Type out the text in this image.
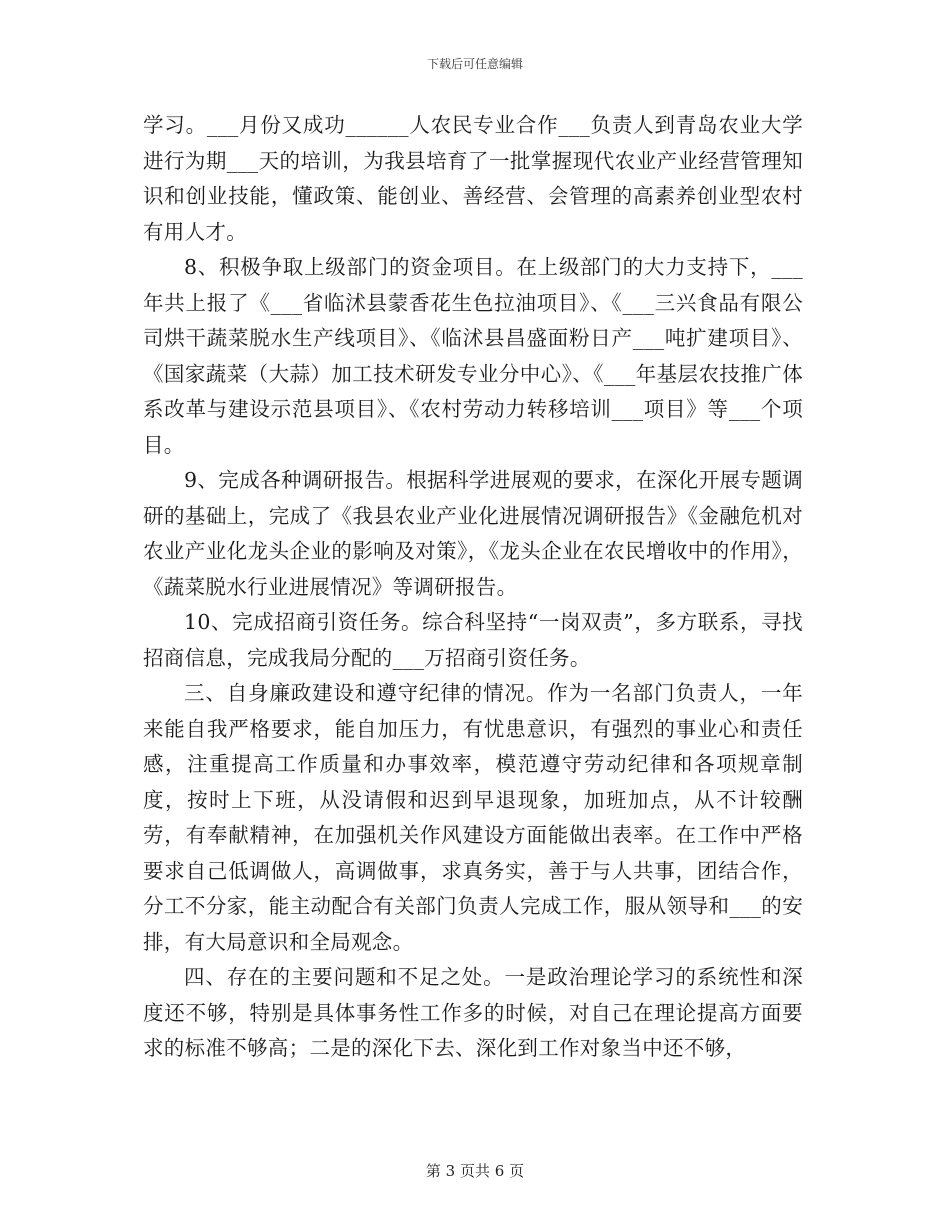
下载后可任意编辑

学习。___月份又成功______人农民专业合作___负责人到青岛农业大学进行为期___天的培训，为我县培育了一批掌握现代农业产业经营管理知识和创业技能，懂政策、能创业、善经营、会管理的高素养创业型农村有用人才。

8、积极争取上级部门的资金项目。在上级部门的大力支持下，___年共上报了《___省临沭县蒙香花生色拉油项目》、《___三兴食品有限公司烘干蔬菜脱水生产线项目》、《临沭县昌盛面粉日产___吨扩建项目》、《国家蔬菜（大蒜）加工技术研发专业分中心》、《___年基层农技推广体系改革与建设示范县项目》、《农村劳动力转移培训___项目》等___个项目。

9、完成各种调研报告。根据科学进展观的要求，在深化开展专题调研的基础上，完成了《我县农业产业化进展情况调研报告》《金融危机对农业产业化龙头企业的影响及对策》，《龙头企业在农民增收中的作用》，《蔬菜脱水行业进展情况》等调研报告。

10、完成招商引资任务。综合科坚持“一岗双责”，多方联系，寻找招商信息，完成我局分配的___万招商引资任务。

三、自身廉政建设和遵守纪律的情况。作为一名部门负责人，一年来能自我严格要求，能自加压力，有忧患意识，有强烈的事业心和责任感，注重提高工作质量和办事效率，模范遵守劳动纪律和各项规章制度，按时上下班，从没请假和迟到早退现象，加班加点，从不计较酬劳，有奉献精神，在加强机关作风建设方面能做出表率。在工作中严格要求自己低调做人，高调做事，求真务实，善于与人共事，团结合作，分工不分家，能主动配合有关部门负责人完成工作，服从领导和___的安排，有大局意识和全局观念。

四、存在的主要问题和不足之处。一是政治理论学习的系统性和深度还不够，特别是具体事务性工作多的时候，对自己在理论提高方面要求的标准不够高；二是的深化下去、深化到工作对象当中还不够，

第 3 页共 6 页
